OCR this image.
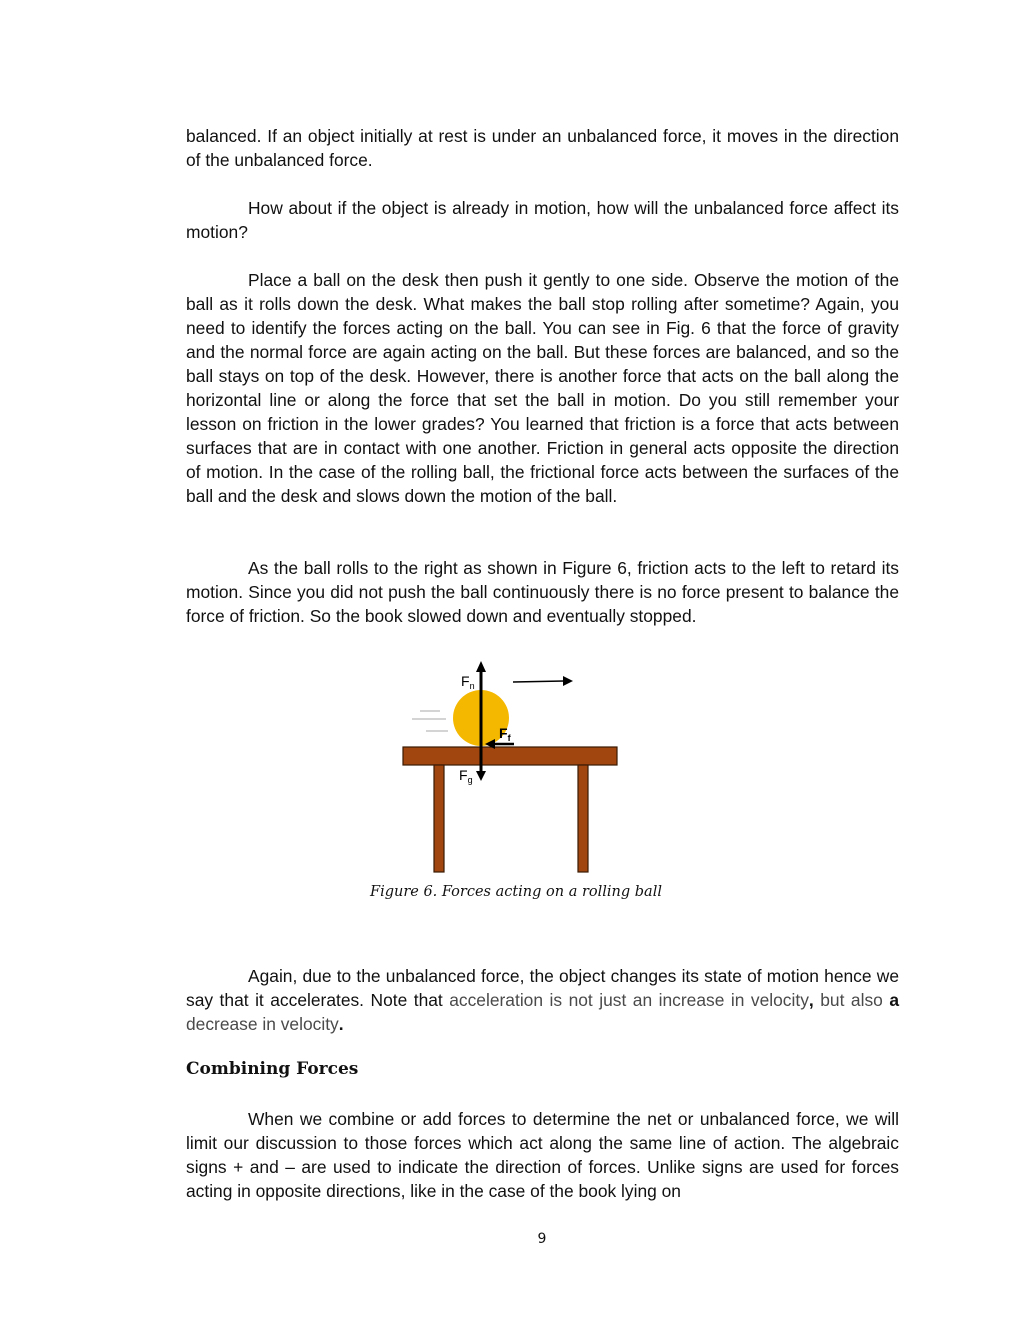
balanced. If an object initially at rest is under an unbalanced force, it moves in the direction of the unbalanced force.

How about if the object is already in motion, how will the unbalanced force affect its motion?

Place a ball on the desk then push it gently to one side. Observe the motion of the ball as it rolls down the desk. What makes the ball stop rolling after sometime? Again, you need to identify the forces acting on the ball. You can see in Fig. 6 that the force of gravity and the normal force are again acting on the ball. But these forces are balanced, and so the ball stays on top of the desk. However, there is another force that acts on the ball along the horizontal line or along the force that set the ball in motion. Do you still remember your lesson on friction in the lower grades? You learned that friction is a force that acts between surfaces that are in contact with one another. Friction in general acts opposite the direction of motion. In the case of the rolling ball, the frictional force acts between the surfaces of the ball and the desk and slows down the motion of the ball.

As the ball rolls to the right as shown in Figure 6, friction acts to the left to retard its motion. Since you did not push the ball continuously there is no force present to balance the force of friction. So the book slowed down and eventually stopped.

$F_n$
$F_f$
$F_g$
Figure 6. Forces acting on a rolling ball

Again, due to the unbalanced force, the object changes its state of motion hence we say that it accelerates. Note that acceleration is not just an increase in velocity, but also a decrease in velocity.

Combining Forces

When we combine or add forces to determine the net or unbalanced force, we will limit our discussion to those forces which act along the same line of action. The algebraic signs + and – are used to indicate the direction of forces. Unlike signs are used for forces acting in opposite directions, like in the case of the book lying on

9
